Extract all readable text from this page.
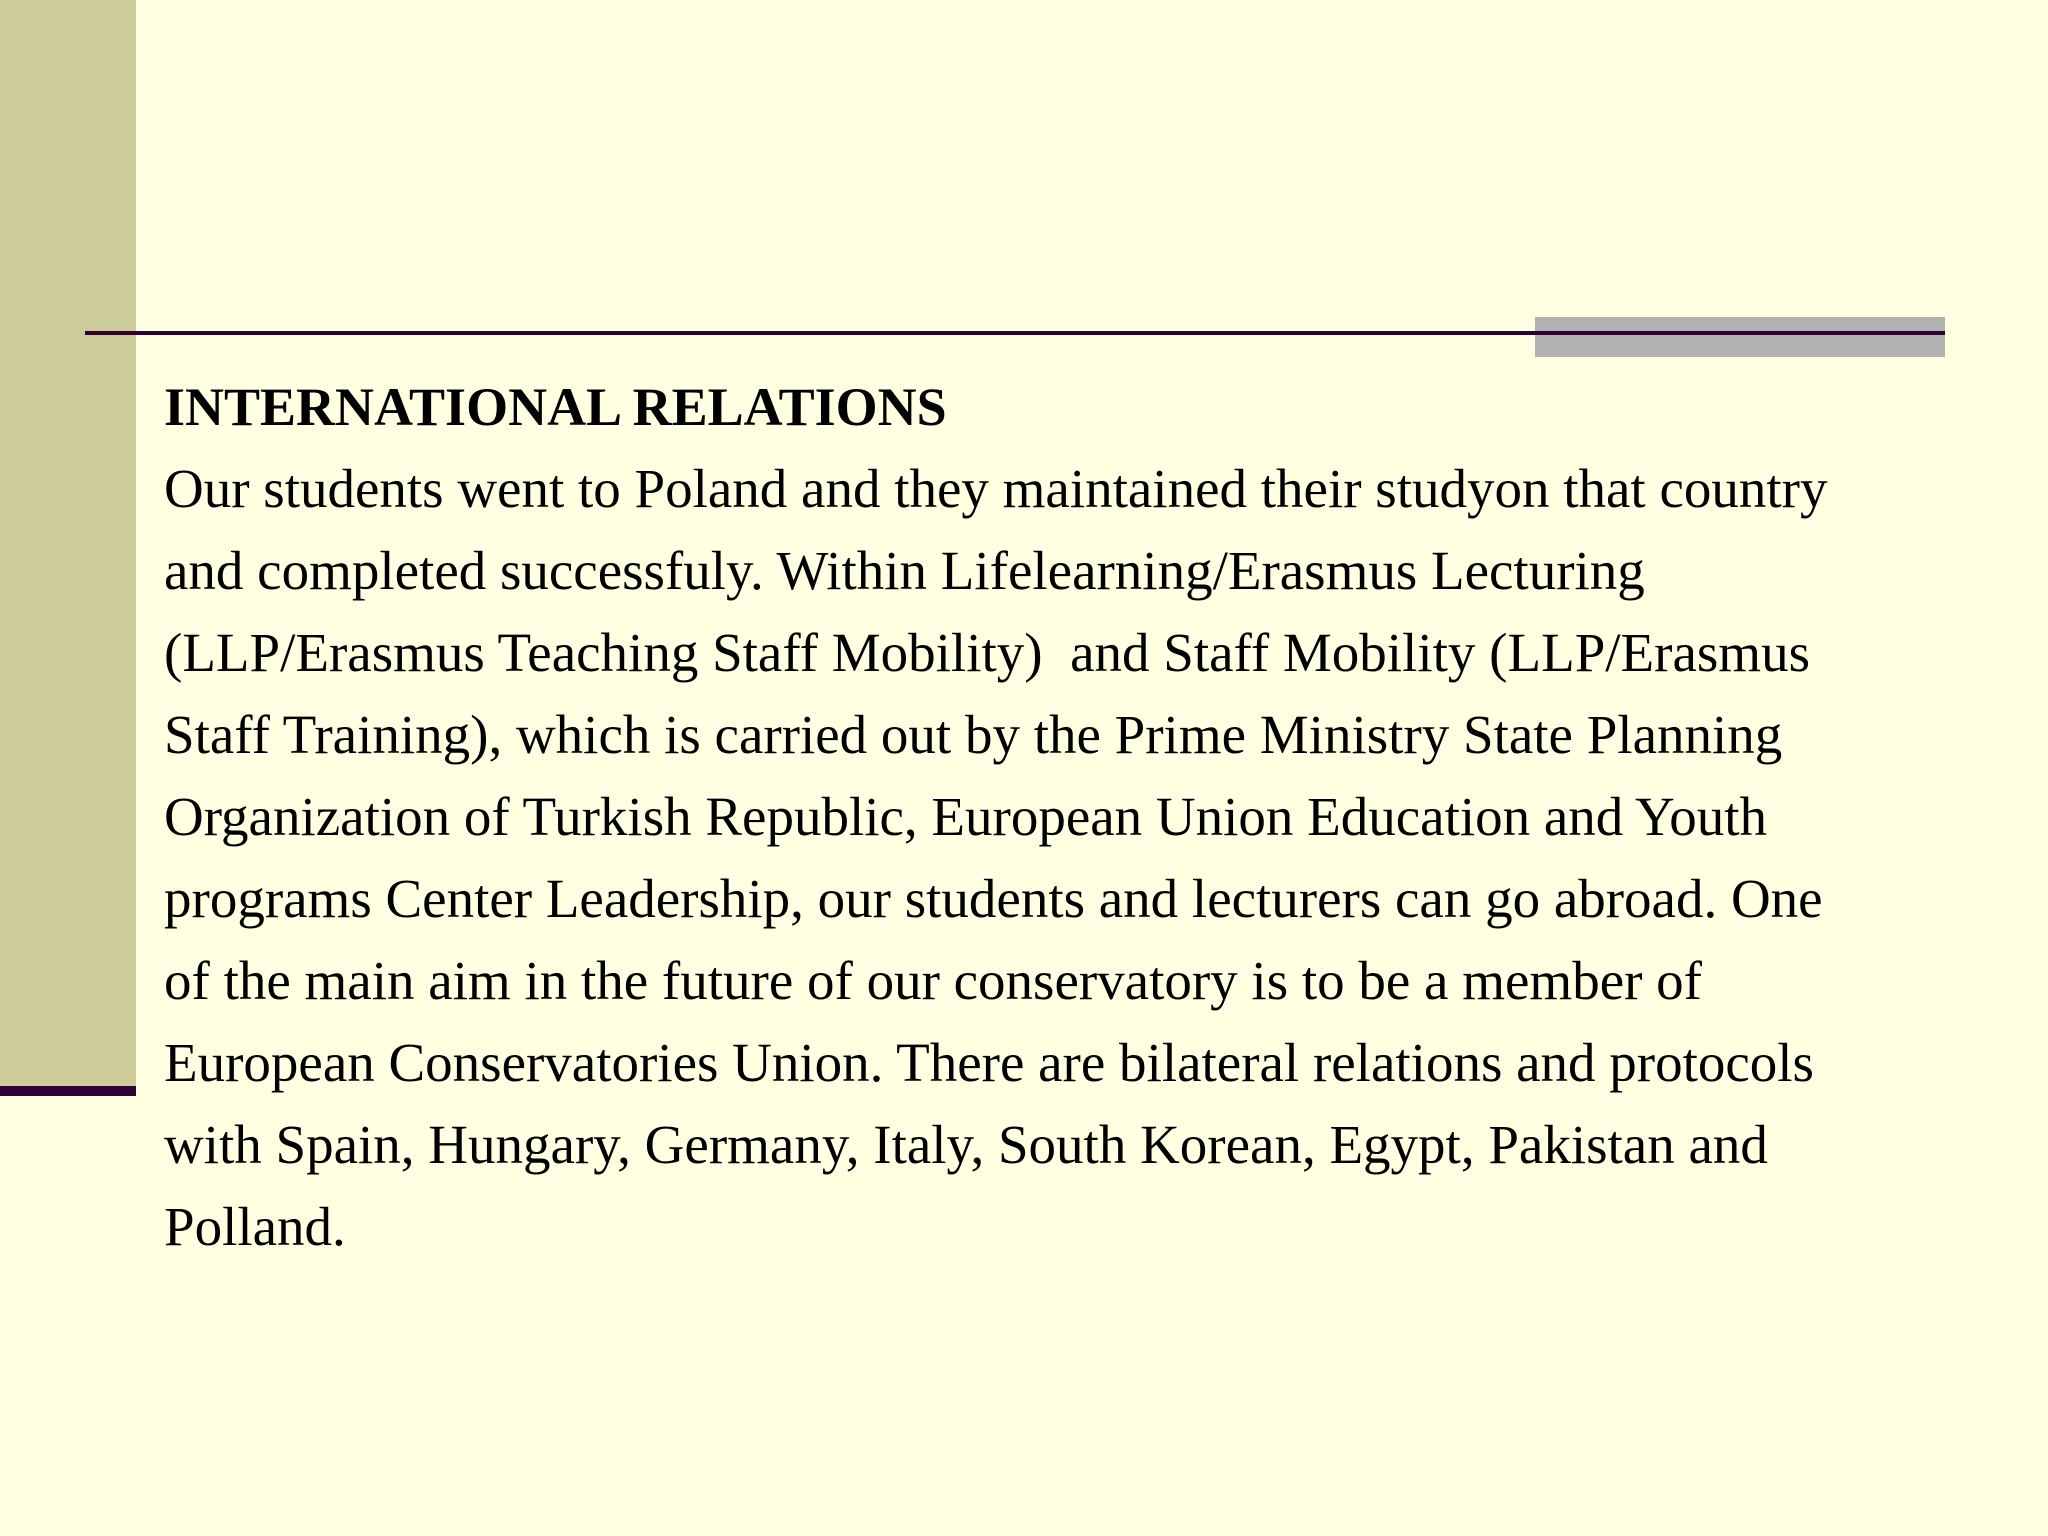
INTERNATIONAL RELATIONS

Our students went to Poland and they maintained their studyon that country
and completed successfuly. Within Lifelearning/Erasmus Lecturing
(LLP/Erasmus Teaching Staff Mobility)  and Staff Mobility (LLP/Erasmus
Staff Training), which is carried out by the Prime Ministry State Planning
Organization of Turkish Republic, European Union Education and Youth
programs Center Leadership, our students and lecturers can go abroad. One
of the main aim in the future of our conservatory is to be a member of
European Conservatories Union. There are bilateral relations and protocols
with Spain, Hungary, Germany, Italy, South Korean, Egypt, Pakistan and
Polland.
